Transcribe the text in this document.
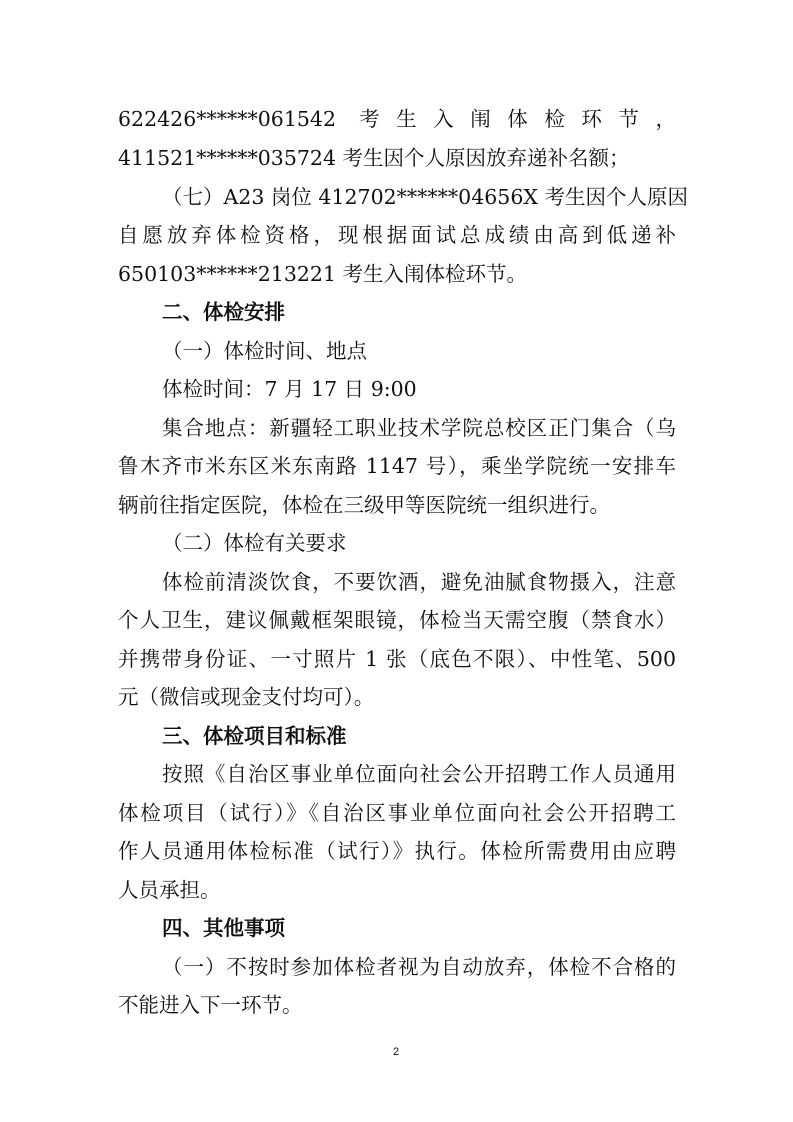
622426******061542 考生入闱体检环节，
411521******035724 考生因个人原因放弃递补名额；
（七）A23 岗位 412702******04656X 考生因个人原因
自愿放弃体检资格，现根据面试总成绩由高到低递补
650103******213221 考生入闱体检环节。
二、体检安排
（一）体检时间、地点
体检时间：7 月 17 日 9:00
集合地点：新疆轻工职业技术学院总校区正门集合（乌
鲁木齐市米东区米东南路 1147 号），乘坐学院统一安排车
辆前往指定医院，体检在三级甲等医院统一组织进行。
（二）体检有关要求
体检前清淡饮食，不要饮酒，避免油腻食物摄入，注意
个人卫生，建议佩戴框架眼镜，体检当天需空腹（禁食水）
并携带身份证、一寸照片 1 张（底色不限）、中性笔、500
元（微信或现金支付均可）。
三、体检项目和标准
按照《自治区事业单位面向社会公开招聘工作人员通用
体检项目（试行）》《自治区事业单位面向社会公开招聘工
作人员通用体检标准（试行）》执行。体检所需费用由应聘
人员承担。
四、其他事项
（一）不按时参加体检者视为自动放弃，体检不合格的
不能进入下一环节。
2
